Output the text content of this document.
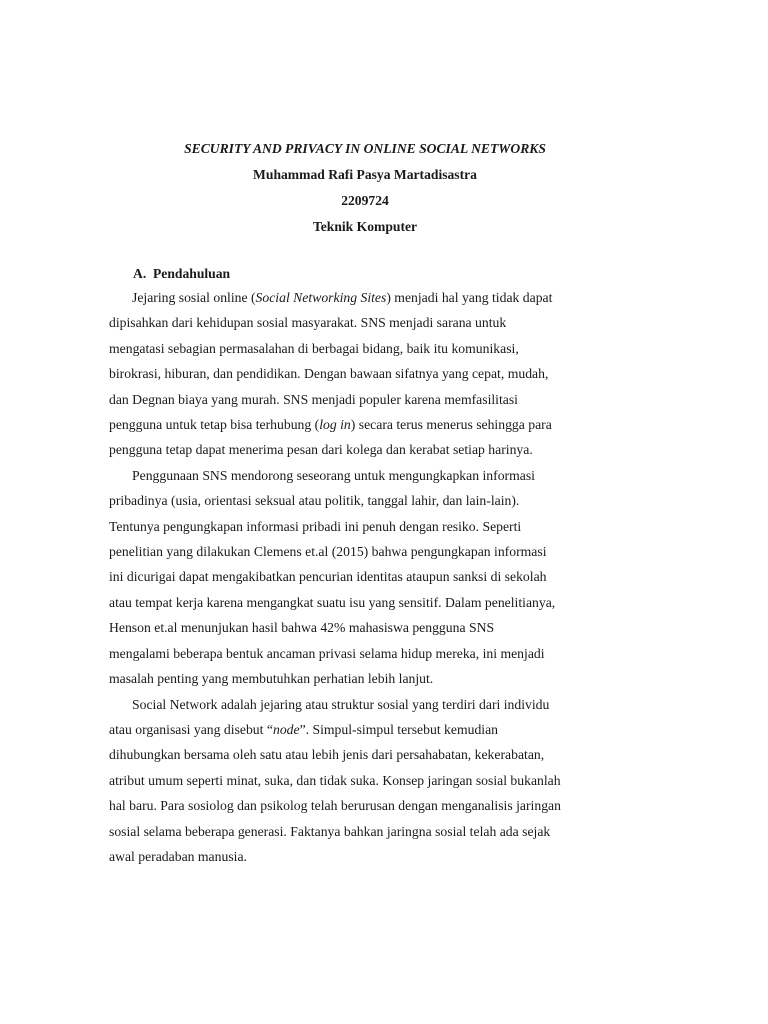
SECURITY AND PRIVACY IN ONLINE SOCIAL NETWORKS
Muhammad Rafi Pasya Martadisastra
2209724
Teknik Komputer
A. Pendahuluan
Jejaring sosial online (Social Networking Sites) menjadi hal yang tidak dapat
dipisahkan dari kehidupan sosial masyarakat. SNS menjadi sarana untuk
mengatasi sebagian permasalahan di berbagai bidang, baik itu komunikasi,
birokrasi, hiburan, dan pendidikan. Dengan bawaan sifatnya yang cepat, mudah,
dan Degnan biaya yang murah. SNS menjadi populer karena memfasilitasi
pengguna untuk tetap bisa terhubung (log in) secara terus menerus sehingga para
pengguna tetap dapat menerima pesan dari kolega dan kerabat setiap harinya.
Penggunaan SNS mendorong seseorang untuk mengungkapkan informasi
pribadinya (usia, orientasi seksual atau politik, tanggal lahir, dan lain-lain).
Tentunya pengungkapan informasi pribadi ini penuh dengan resiko. Seperti
penelitian yang dilakukan Clemens et.al (2015) bahwa pengungkapan informasi
ini dicurigai dapat mengakibatkan pencurian identitas ataupun sanksi di sekolah
atau tempat kerja karena mengangkat suatu isu yang sensitif. Dalam penelitianya,
Henson et.al menunjukan hasil bahwa 42% mahasiswa pengguna SNS
mengalami beberapa bentuk ancaman privasi selama hidup mereka, ini menjadi
masalah penting yang membutuhkan perhatian lebih lanjut.
Social Network adalah jejaring atau struktur sosial yang terdiri dari individu
atau organisasi yang disebut “node”. Simpul-simpul tersebut kemudian
dihubungkan bersama oleh satu atau lebih jenis dari persahabatan, kekerabatan,
atribut umum seperti minat, suka, dan tidak suka. Konsep jaringan sosial bukanlah
hal baru. Para sosiolog dan psikolog telah berurusan dengan menganalisis jaringan
sosial selama beberapa generasi. Faktanya bahkan jaringna sosial telah ada sejak
awal peradaban manusia.
